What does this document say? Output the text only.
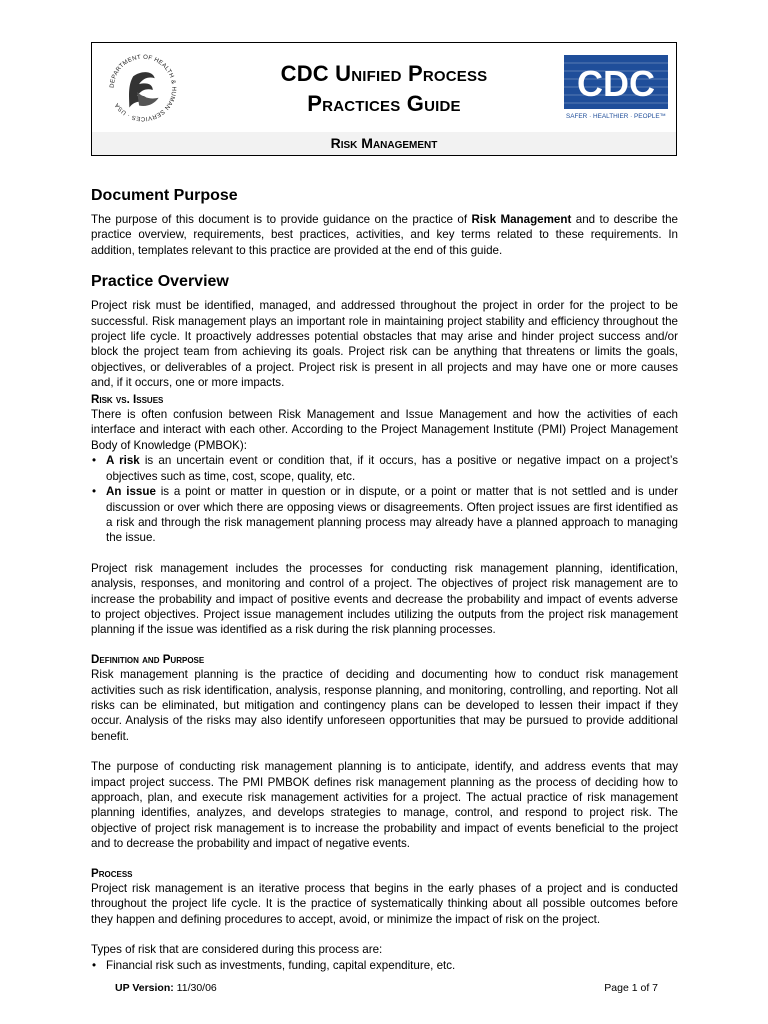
DEPARTMENT OF HEALTH & HUMAN SERVICES · USA
CDC Unified Process
Practices Guide	CDC
SAFER · HEALTHIER · PEOPLE™
Risk Management
Document Purpose

The purpose of this document is to provide guidance on the practice of Risk Management and to describe the practice overview, requirements, best practices, activities, and key terms related to these requirements. In addition, templates relevant to this practice are provided at the end of this guide.

Practice Overview

Project risk must be identified, managed, and addressed throughout the project in order for the project to be successful. Risk management plays an important role in maintaining project stability and efficiency throughout the project life cycle. It proactively addresses potential obstacles that may arise and hinder project success and/or block the project team from achieving its goals. Project risk can be anything that threatens or limits the goals, objectives, or deliverables of a project. Project risk is present in all projects and may have one or more causes and, if it occurs, one or more impacts.

Risk vs. Issues

There is often confusion between Risk Management and Issue Management and how the activities of each interface and interact with each other. According to the Project Management Institute (PMI) Project Management Body of Knowledge (PMBOK):

• A risk is an uncertain event or condition that, if it occurs, has a positive or negative impact on a project’s objectives such as time, cost, scope, quality, etc.
• An issue is a point or matter in question or in dispute, or a point or matter that is not settled and is under discussion or over which there are opposing views or disagreements. Often project issues are first identified as a risk and through the risk management planning process may already have a planned approach to managing the issue.

Project risk management includes the processes for conducting risk management planning, identification, analysis, responses, and monitoring and control of a project. The objectives of project risk management are to increase the probability and impact of positive events and decrease the probability and impact of events adverse to project objectives. Project issue management includes utilizing the outputs from the project risk management planning if the issue was identified as a risk during the risk planning processes.

Definition and Purpose

Risk management planning is the practice of deciding and documenting how to conduct risk management activities such as risk identification, analysis, response planning, and monitoring, controlling, and reporting. Not all risks can be eliminated, but mitigation and contingency plans can be developed to lessen their impact if they occur. Analysis of the risks may also identify unforeseen opportunities that may be pursued to provide additional benefit.

The purpose of conducting risk management planning is to anticipate, identify, and address events that may impact project success. The PMI PMBOK defines risk management planning as the process of deciding how to approach, plan, and execute risk management activities for a project. The actual practice of risk management planning identifies, analyzes, and develops strategies to manage, control, and respond to project risk. The objective of project risk management is to increase the probability and impact of events beneficial to the project and to decrease the probability and impact of negative events.

Process

Project risk management is an iterative process that begins in the early phases of a project and is conducted throughout the project life cycle. It is the practice of systematically thinking about all possible outcomes before they happen and defining procedures to accept, avoid, or minimize the impact of risk on the project.

Types of risk that are considered during this process are:

• Financial risk such as investments, funding, capital expenditure, etc.
UP Version: 11/30/06	Page 1 of 7
